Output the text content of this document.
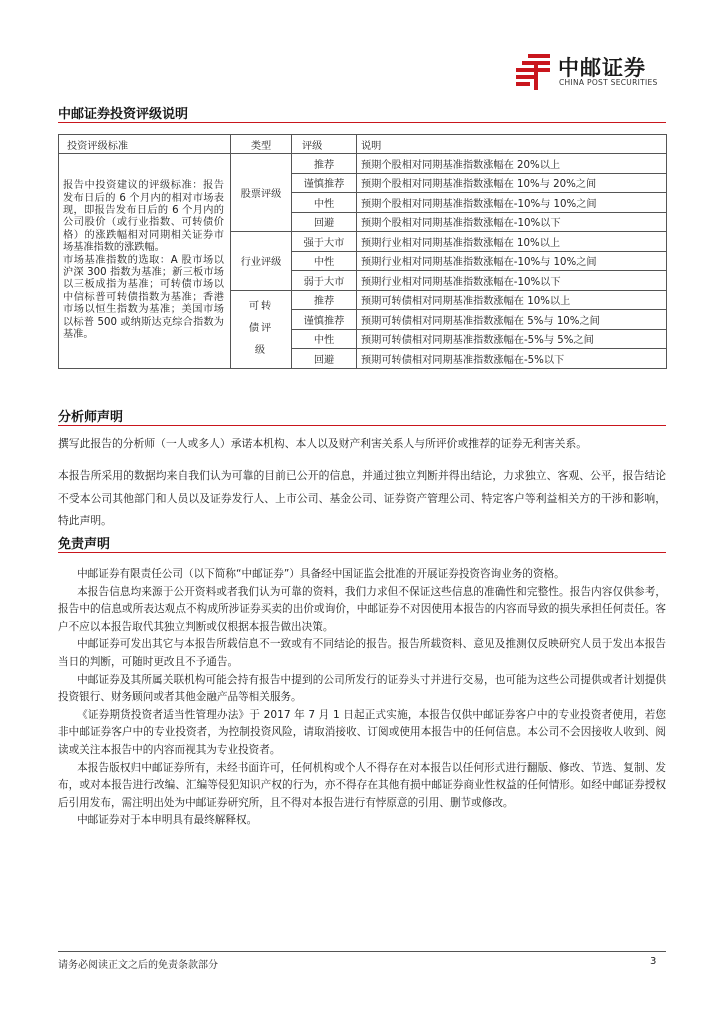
中邮证券
CHINA POST SECURITIES
中邮证券投资评级说明
投资评级标准	类型	评级	说明
报告中投资建议的评级标准：报告发布日后的 6 个月内的相对市场表现，即报告发布日后的 6 个月内的公司股价（或行业指数、可转债价格）的涨跌幅相对同期相关证券市场基准指数的涨跌幅。
市场基准指数的选取：A 股市场以沪深 300 指数为基准；新三板市场以三板成指为基准；可转债市场以中信标普可转债指数为基准；香港市场以恒生指数为基准；美国市场以标普 500 或纳斯达克综合指数为基准。	股票评级	推荐	预期个股相对同期基准指数涨幅在 20%以上
		谨慎推荐	预期个股相对同期基准指数涨幅在 10%与 20%之间
		中性	预期个股相对同期基准指数涨幅在-10%与 10%之间
		回避	预期个股相对同期基准指数涨幅在-10%以下
	行业评级	强于大市	预期行业相对同期基准指数涨幅在 10%以上
		中性	预期行业相对同期基准指数涨幅在-10%与 10%之间
		弱于大市	预期行业相对同期基准指数涨幅在-10%以下
	可转债评级	推荐	预期可转债相对同期基准指数涨幅在 10%以上
		谨慎推荐	预期可转债相对同期基准指数涨幅在 5%与 10%之间
		中性	预期可转债相对同期基准指数涨幅在-5%与 5%之间
		回避	预期可转债相对同期基准指数涨幅在-5%以下
分析师声明
撰写此报告的分析师（一人或多人）承诺本机构、本人以及财产利害关系人与所评价或推荐的证券无利害关系。
本报告所采用的数据均来自我们认为可靠的目前已公开的信息，并通过独立判断并得出结论，力求独立、客观、公平，报告结论不受本公司其他部门和人员以及证券发行人、上市公司、基金公司、证券资产管理公司、特定客户等利益相关方的干涉和影响，特此声明。
免责声明
中邮证券有限责任公司（以下简称“中邮证券”）具备经中国证监会批准的开展证券投资咨询业务的资格。
本报告信息均来源于公开资料或者我们认为可靠的资料，我们力求但不保证这些信息的准确性和完整性。报告内容仅供参考，报告中的信息或所表达观点不构成所涉证券买卖的出价或询价，中邮证券不对因使用本报告的内容而导致的损失承担任何责任。客户不应以本报告取代其独立判断或仅根据本报告做出决策。
中邮证券可发出其它与本报告所载信息不一致或有不同结论的报告。报告所载资料、意见及推测仅反映研究人员于发出本报告当日的判断，可随时更改且不予通告。
中邮证券及其所属关联机构可能会持有报告中提到的公司所发行的证券头寸并进行交易，也可能为这些公司提供或者计划提供投资银行、财务顾问或者其他金融产品等相关服务。
《证券期货投资者适当性管理办法》于 2017 年 7 月 1 日起正式实施，本报告仅供中邮证券客户中的专业投资者使用，若您非中邮证券客户中的专业投资者，为控制投资风险，请取消接收、订阅或使用本报告中的任何信息。本公司不会因接收人收到、阅读或关注本报告中的内容而视其为专业投资者。
本报告版权归中邮证券所有，未经书面许可，任何机构或个人不得存在对本报告以任何形式进行翻版、修改、节选、复制、发布，或对本报告进行改编、汇编等侵犯知识产权的行为，亦不得存在其他有损中邮证券商业性权益的任何情形。如经中邮证券授权后引用发布，需注明出处为中邮证券研究所，且不得对本报告进行有悖原意的引用、删节或修改。
中邮证券对于本申明具有最终解释权。
请务必阅读正文之后的免责条款部分	3
